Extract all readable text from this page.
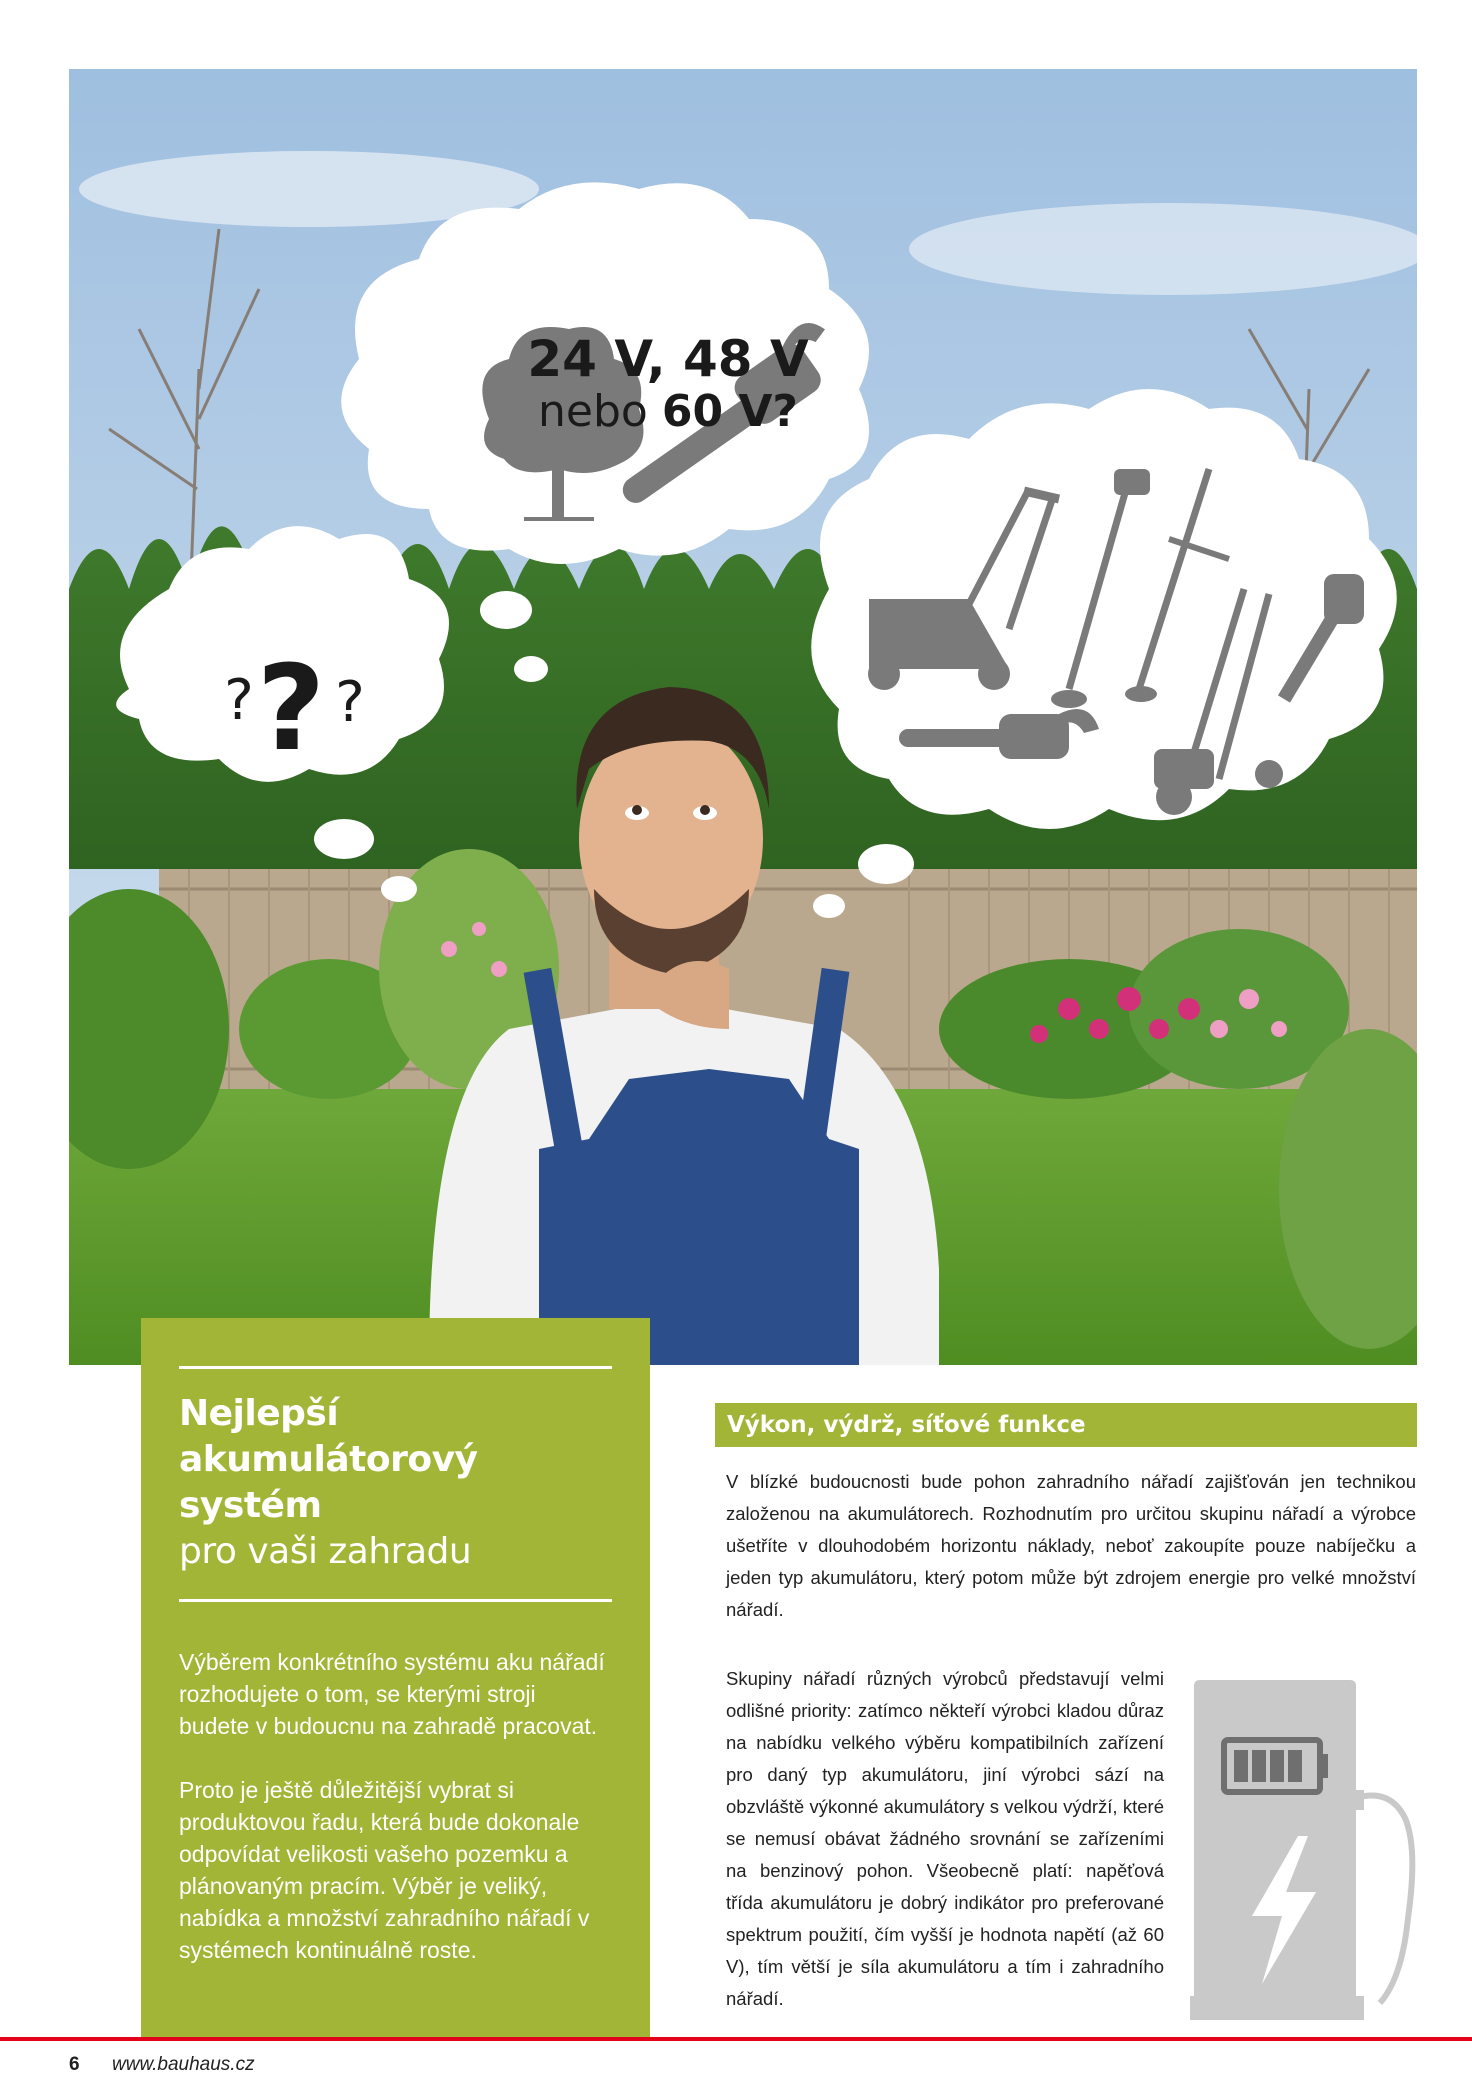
? ? ?
24 V, 48 V
nebo 60 V?
Nejlepší
akumulátorový
systém
pro vaši zahradu

Výběrem konkrétního systému aku nářadí rozhodujete o tom, se kterými stroji budete v budoucnu na zahradě pracovat.

Proto je ještě důležitější vybrat si produktovou řadu, která bude dokonale odpovídat velikosti vašeho pozemku a plánovaným pracím. Výběr je veliký, nabídka a množství zahradního nářadí v systémech kontinuálně roste.

Výkon, výdrž, síťové funkce

V blízké budoucnosti bude pohon zahradního nářadí zajišťován jen technikou založenou na akumulátorech. Rozhodnutím pro určitou skupinu nářadí a výrobce ušetříte v dlouhodobém horizontu náklady, neboť zakoupíte pouze nabíječku a jeden typ akumulátoru, který potom může být zdrojem energie pro velké množství nářadí.

Skupiny nářadí různých výrobců představují velmi odlišné priority: zatímco někteří výrobci kladou důraz na nabídku velkého výběru kompatibilních zařízení pro daný typ akumulátoru, jiní výrobci sází na obzvláště výkonné akumulátory s velkou výdrží, které se nemusí obávat žádného srovnání se zařízeními na benzinový pohon. Všeobecně platí: napěťová třída akumulátoru je dobrý indikátor pro preferované spektrum použití, čím vyšší je hodnota napětí (až 60 V), tím větší je síla akumulátoru a tím i zahradního nářadí.

6 www.bauhaus.cz
